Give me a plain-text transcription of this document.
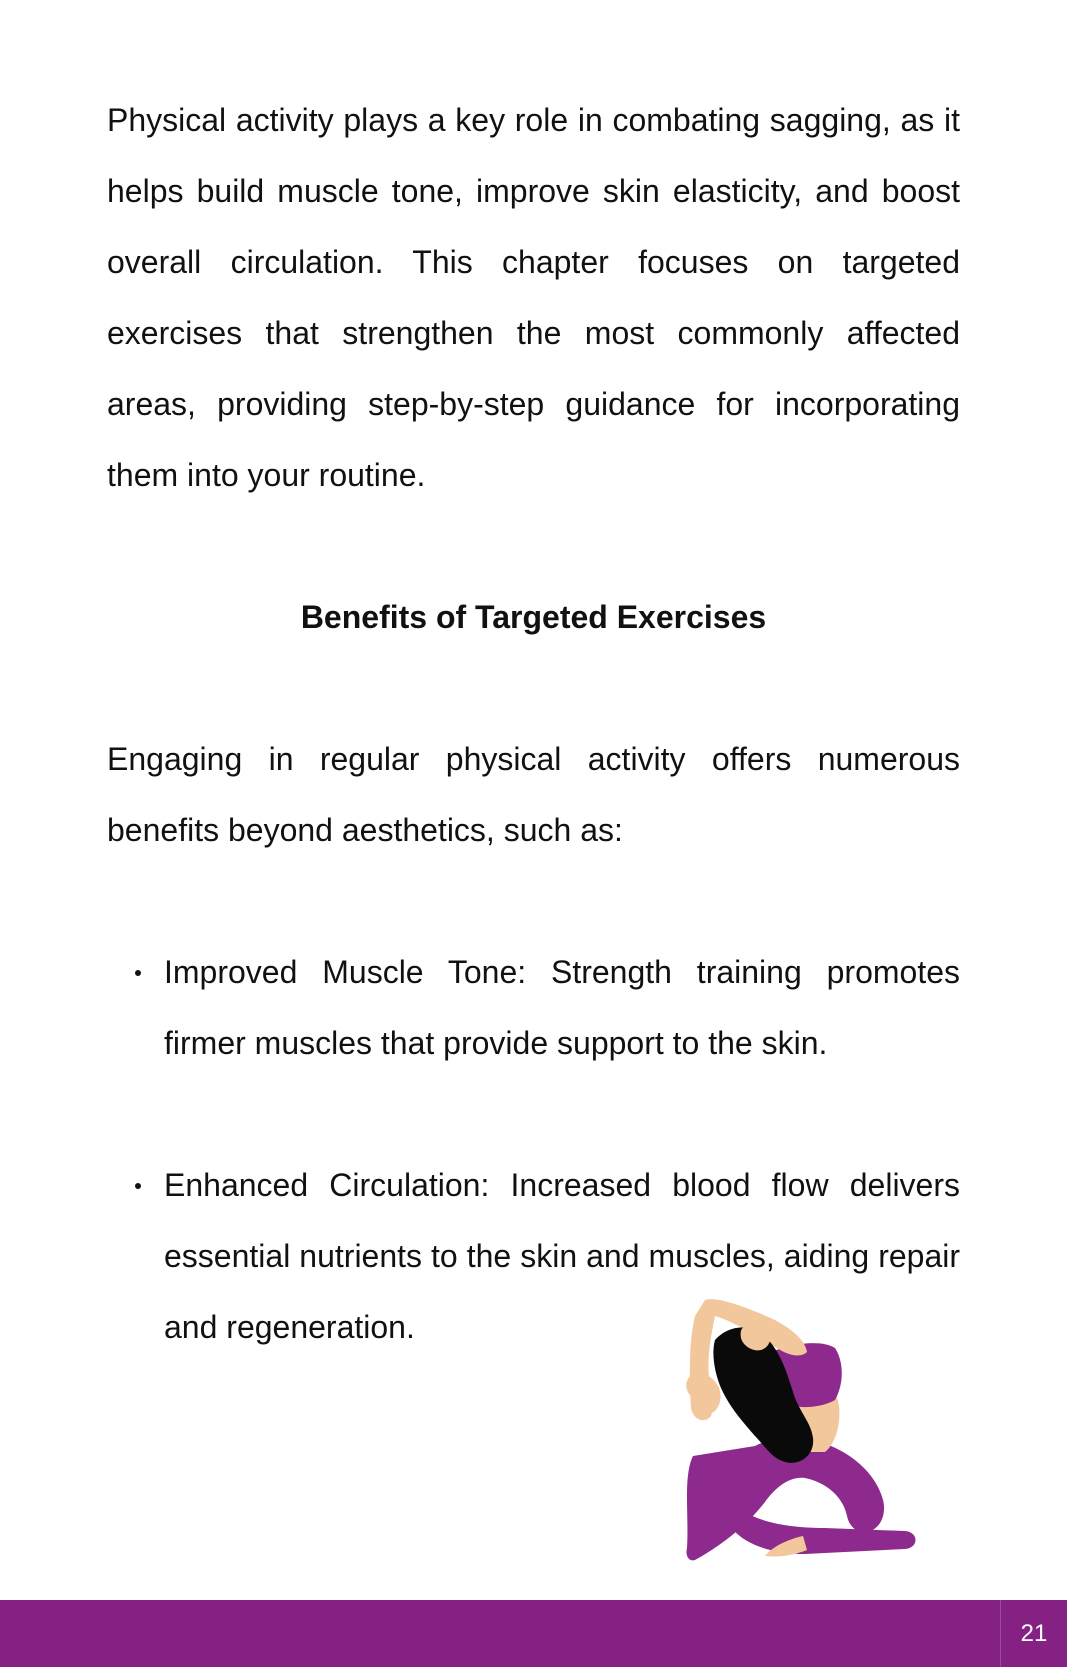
Physical activity plays a key role in combating sagging, as it helps build muscle tone, improve skin elasticity, and boost overall circulation. This chapter focuses on targeted exercises that strengthen the most commonly affected areas, providing step-by-step guidance for incorporating them into your routine.

Benefits of Targeted Exercises

Engaging in regular physical activity offers numerous benefits beyond aesthetics, such as:

Improved Muscle Tone: Strength training promotes firmer muscles that provide support to the skin.
Enhanced Circulation: Increased blood flow delivers essential nutrients to the skin and muscles, aiding repair and regeneration.
21
